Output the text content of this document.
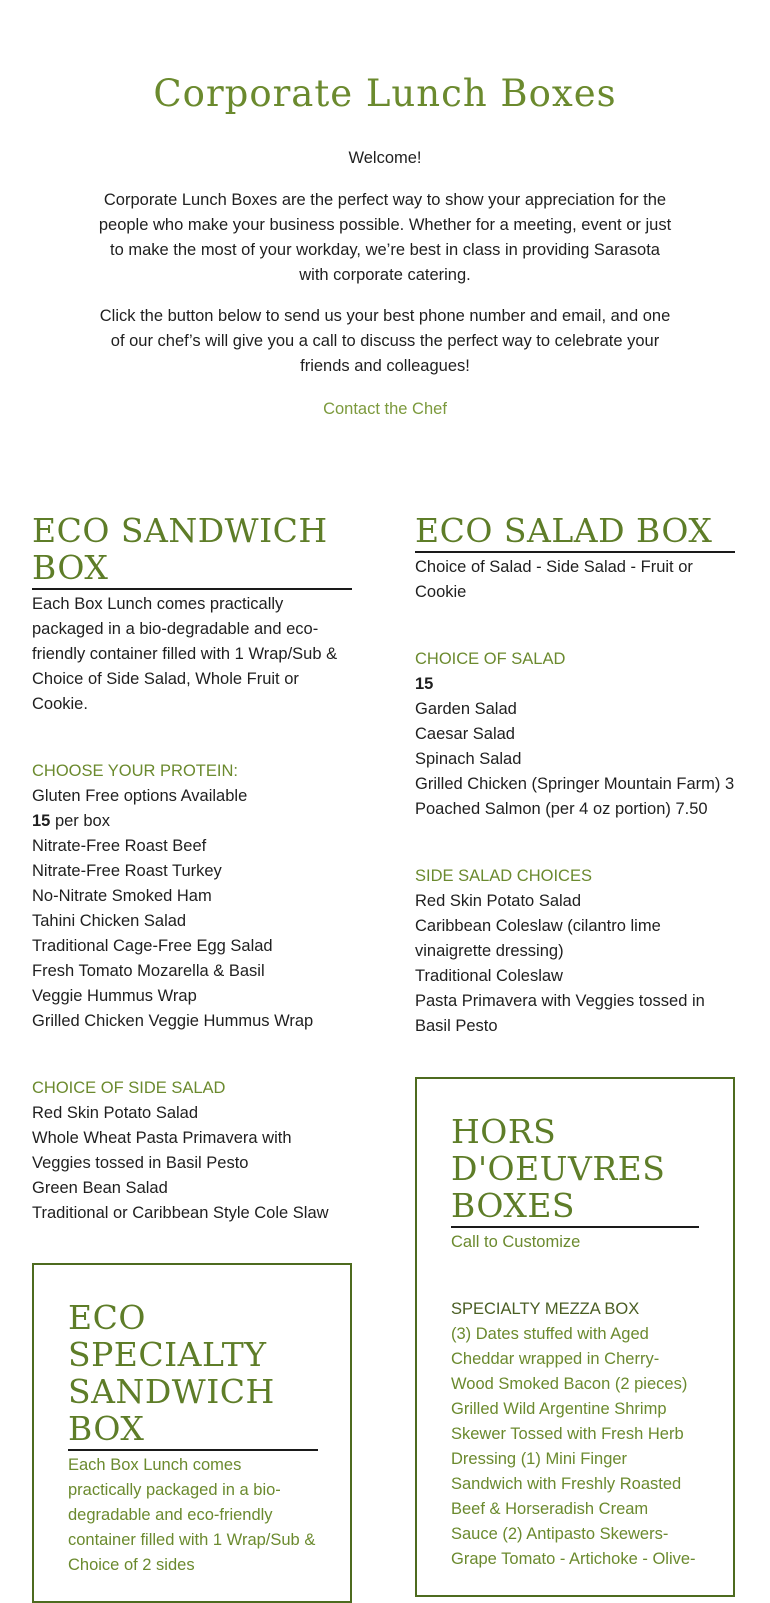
Corporate Lunch Boxes

Welcome!

Corporate Lunch Boxes are the perfect way to show your appreciation for the people who make your business possible. Whether for a meeting, event or just to make the most of your workday, we’re best in class in providing Sarasota with corporate catering.

Click the button below to send us your best phone number and email, and one of our chef’s will give you a call to discuss the perfect way to celebrate your friends and colleagues!

Contact the Chef
ECO SANDWICH BOX

Each Box Lunch comes practically packaged in a bio-degradable and eco-friendly container filled with 1 Wrap/Sub & Choice of Side Salad, Whole Fruit or Cookie.

CHOOSE YOUR PROTEIN:

Gluten Free options Available

15 per box

Nitrate-Free Roast Beef
Nitrate-Free Roast Turkey
No-Nitrate Smoked Ham
Tahini Chicken Salad
Traditional Cage-Free Egg Salad
Fresh Tomato Mozarella & Basil
Veggie Hummus Wrap
Grilled Chicken Veggie Hummus Wrap

CHOICE OF SIDE SALAD

Red Skin Potato Salad
Whole Wheat Pasta Primavera with Veggies tossed in Basil Pesto
Green Bean Salad
Traditional or Caribbean Style Cole Slaw
ECO SPECIALTY SANDWICH BOX

Each Box Lunch comes practically packaged in a bio-degradable and eco-friendly container filled with 1 Wrap/Sub & Choice of 2 sides

ECO SALAD BOX

Choice of Salad - Side Salad - Fruit or Cookie

CHOICE OF SALAD

15

Garden Salad
Caesar Salad
Spinach Salad
Grilled Chicken (Springer Mountain Farm) 3
Poached Salmon (per 4 oz portion) 7.50

SIDE SALAD CHOICES

Red Skin Potato Salad
Caribbean Coleslaw (cilantro lime vinaigrette dressing)
Traditional Coleslaw
Pasta Primavera with Veggies tossed in Basil Pesto
HORS D'OEUVRES BOXES

Call to Customize

SPECIALTY MEZZA BOX

(3) Dates stuffed with Aged Cheddar wrapped in Cherry-Wood Smoked Bacon (2 pieces) Grilled Wild Argentine Shrimp Skewer Tossed with Fresh Herb Dressing (1) Mini Finger Sandwich with Freshly Roasted Beef & Horseradish Cream Sauce (2) Antipasto Skewers- Grape Tomato - Artichoke - Olive-
